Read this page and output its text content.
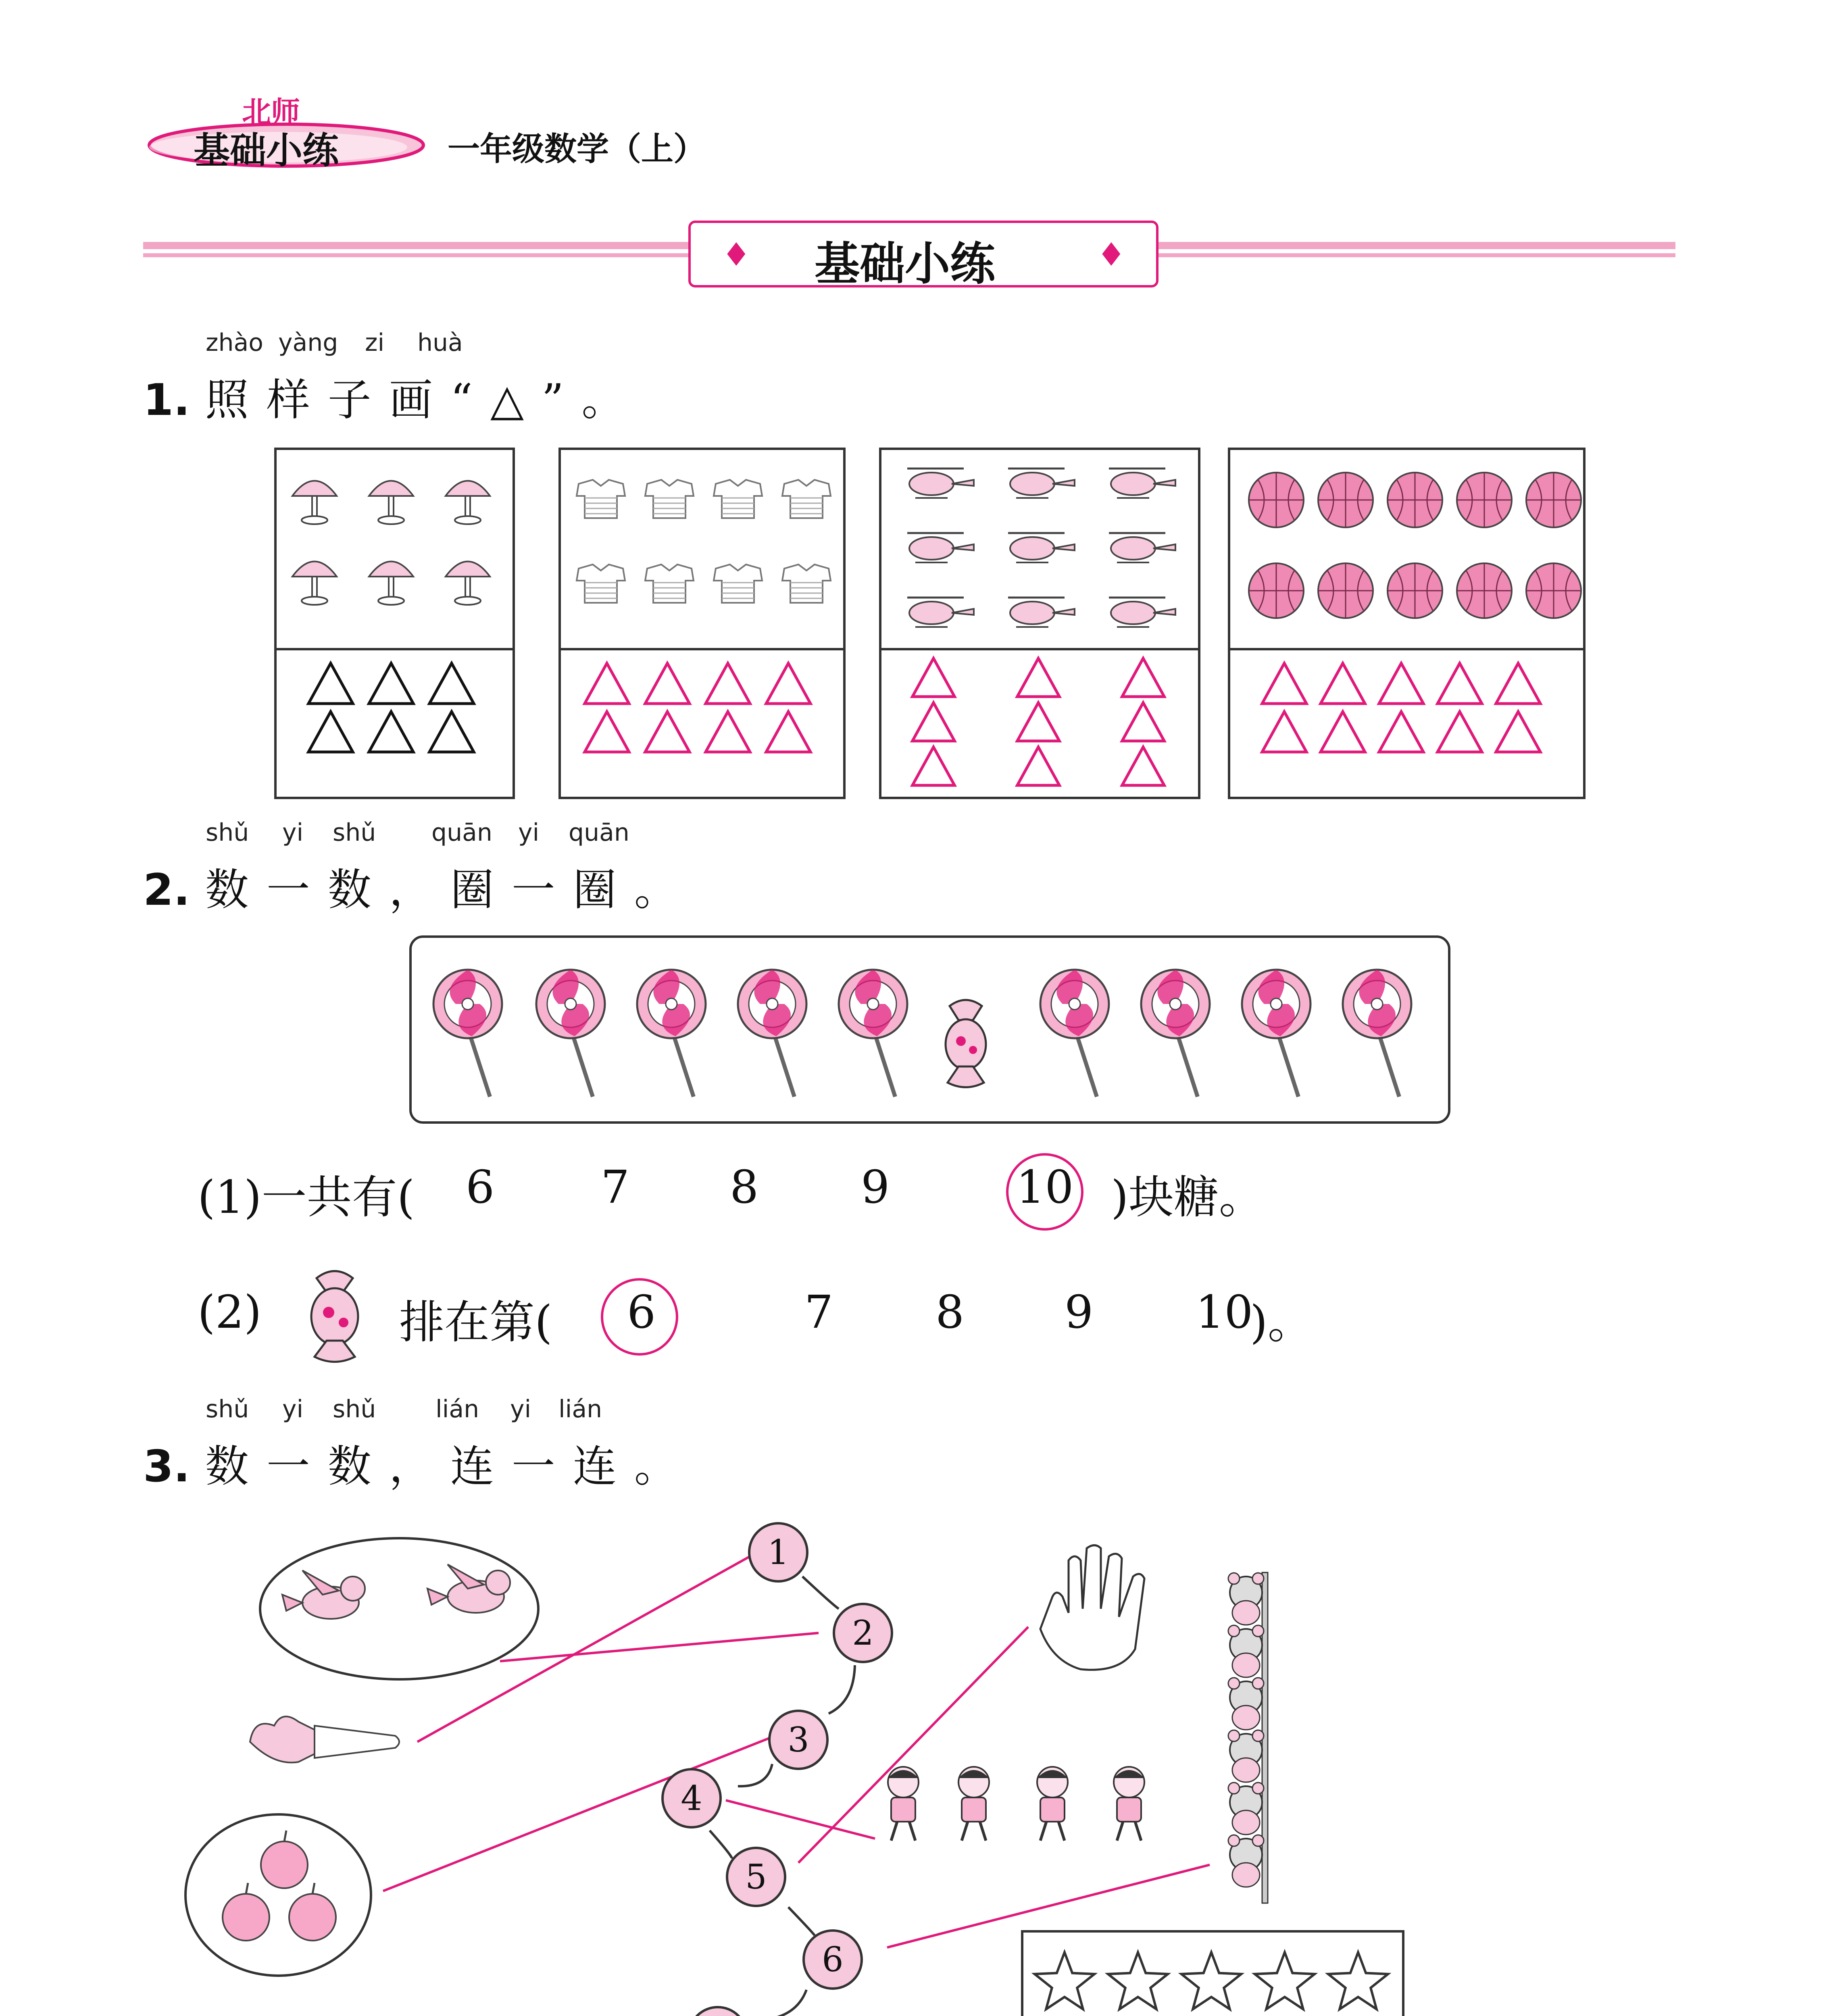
北师
基础小练	一年级数学（上）
♦	♦
基础小练
zhào yàng zi huà
1. 照样子画“△”。
shǔ yi shǔ quān yi quān
2. 数一数，圈一圈。
(1)一共有( 6 7 8 9	10 )块糖。
(2)	排在第( 6	7 8 9 10
)。
shǔ yi shǔ lián yi lián
3. 数一数，连一连。
1
2
3
4
5
6
